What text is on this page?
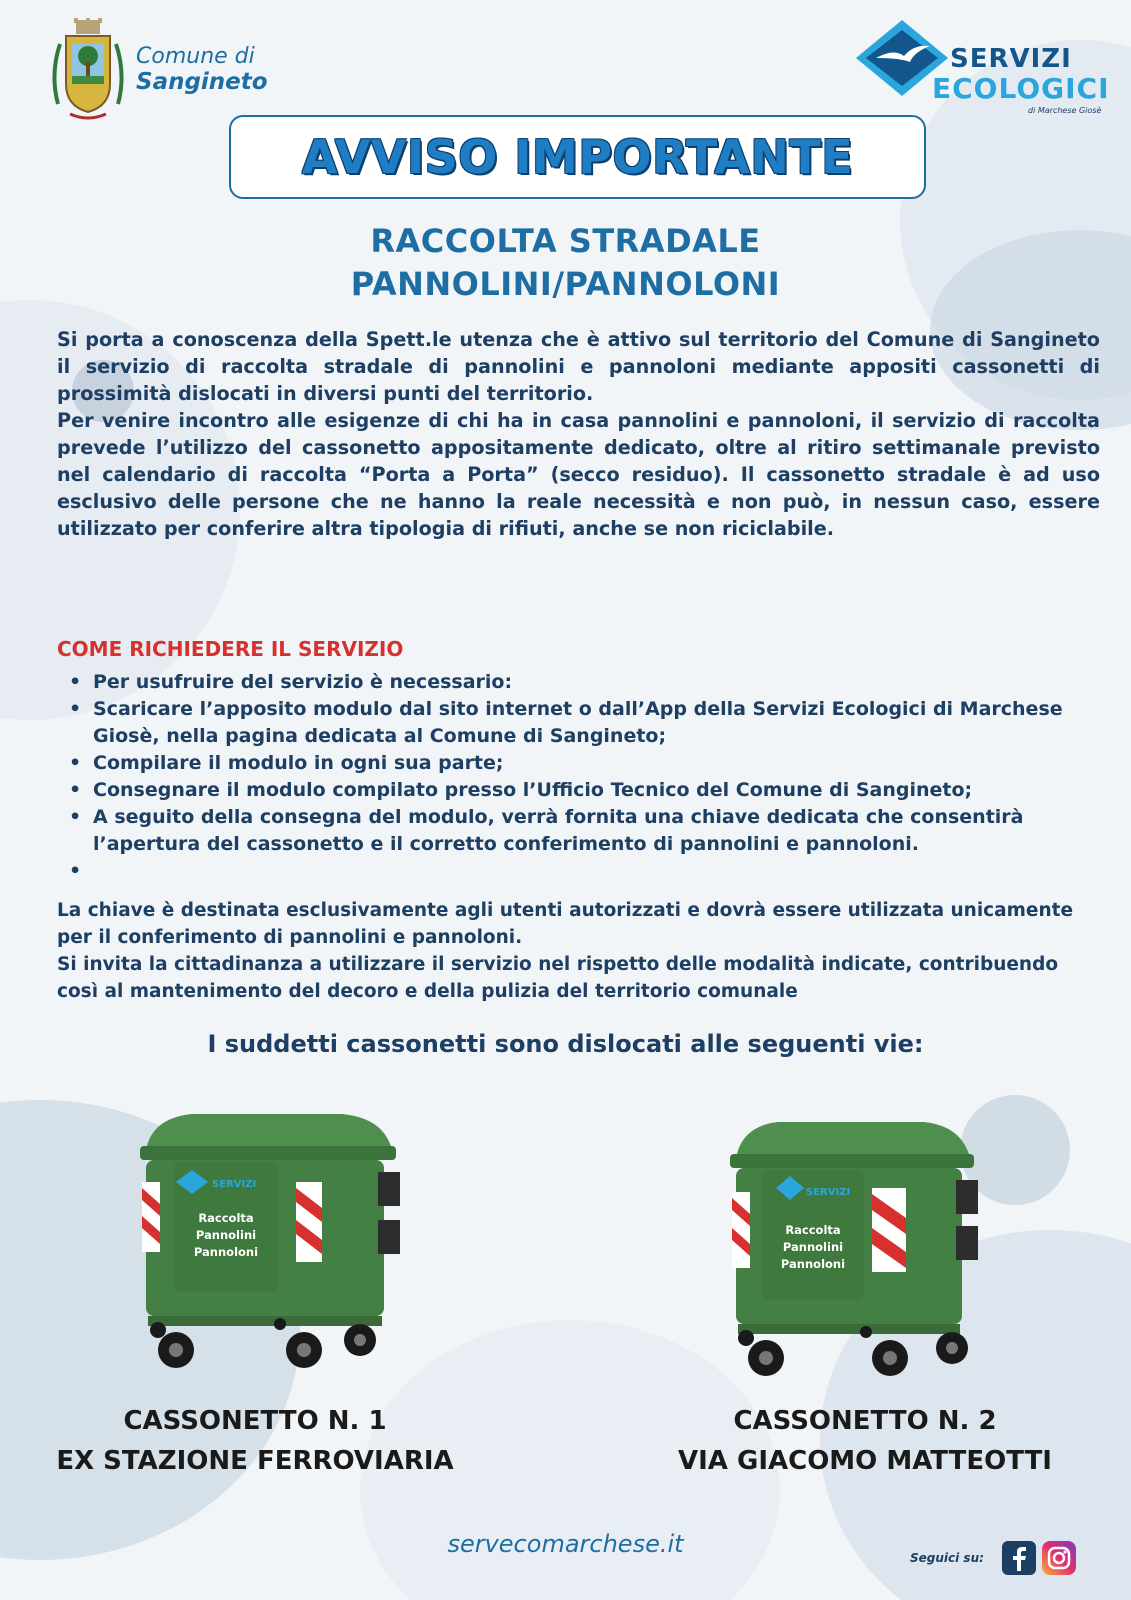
Comune di
Sangineto
SERVIZI
ECOLOGICI
di Marchese Giosè
AVVISO IMPORTANTE
RACCOLTA STRADALE
PANNOLINI/PANNOLONI
Si porta a conoscenza della Spett.le utenza che è attivo sul territorio del Comune di Sangineto il servizio di raccolta stradale di pannolini e pannoloni mediante appositi cassonetti di prossimità dislocati in diversi punti del territorio.
Per venire incontro alle esigenze di chi ha in casa pannolini e pannoloni, il servizio di raccolta prevede l’utilizzo del cassonetto appositamente dedicato, oltre al ritiro settimanale previsto nel calendario di raccolta “Porta a Porta” (secco residuo). Il cassonetto stradale è ad uso esclusivo delle persone che ne hanno la reale necessità e non può, in nessun caso, essere utilizzato per conferire altra tipologia di rifiuti, anche se non riciclabile.
COME RICHIEDERE IL SERVIZIO
• Per usufruire del servizio è necessario:
• Scaricare l’apposito modulo dal sito internet o dall’App della Servizi Ecologici di Marchese Giosè, nella pagina dedicata al Comune di Sangineto;
• Compilare il modulo in ogni sua parte;
• Consegnare il modulo compilato presso l’Ufficio Tecnico del Comune di Sangineto;
• A seguito della consegna del modulo, verrà fornita una chiave dedicata che consentirà l’apertura del cassonetto e il corretto conferimento di pannolini e pannoloni.
•
La chiave è destinata esclusivamente agli utenti autorizzati e dovrà essere utilizzata unicamente per il conferimento di pannolini e pannoloni.
Si invita la cittadinanza a utilizzare il servizio nel rispetto delle modalità indicate, contribuendo così al mantenimento del decoro e della pulizia del territorio comunale
I suddetti cassonetti sono dislocati alle seguenti vie:
SERVIZI
Raccolta
Pannolini
Pannoloni
SERVIZI
Raccolta
Pannolini
Pannoloni
CASSONETTO N. 1
EX STAZIONE FERROVIARIA
CASSONETTO N. 2
VIA GIACOMO MATTEOTTI
servecomarchese.it	Seguici su:
